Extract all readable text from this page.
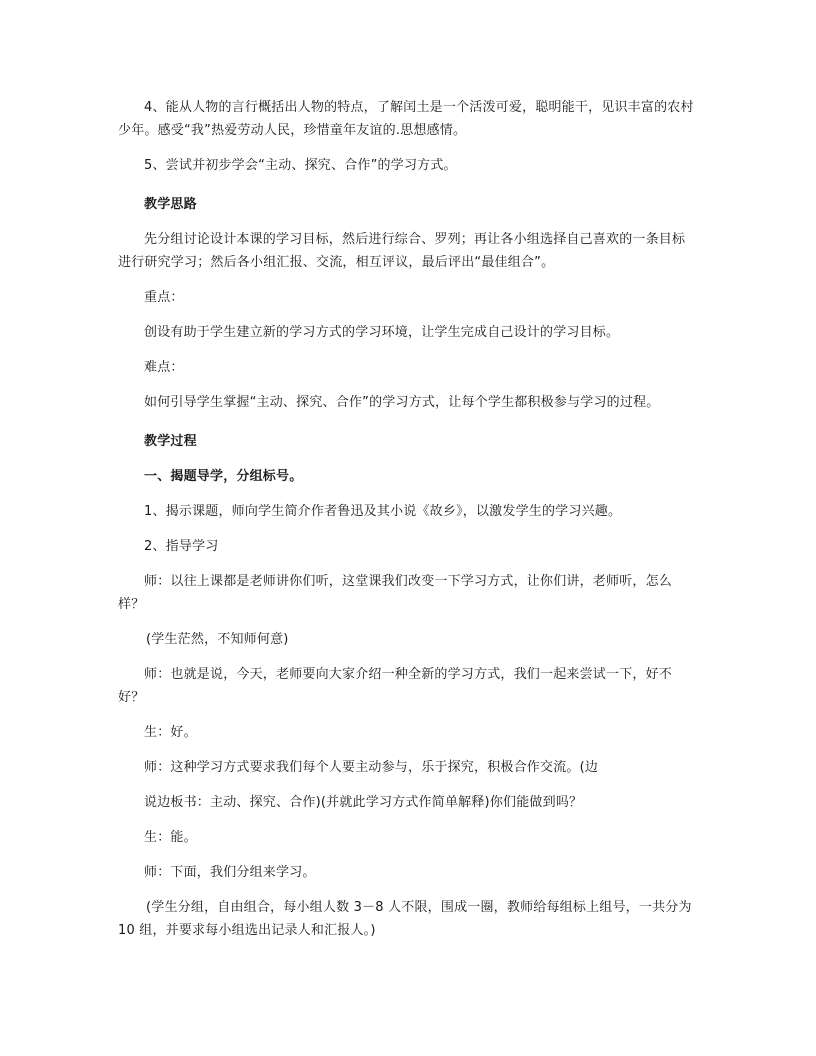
4、能从人物的言行概括出人物的特点，了解闰土是一个活泼可爱，聪明能干，见识丰富的农村少年。感受“我”热爱劳动人民，珍惜童年友谊的.思想感情。

5、尝试并初步学会“主动、探究、合作”的学习方式。

教学思路

先分组讨论设计本课的学习目标，然后进行综合、罗列；再让各小组选择自己喜欢的一条目标进行研究学习；然后各小组汇报、交流，相互评议，最后评出“最佳组合”。

重点：

创设有助于学生建立新的学习方式的学习环境，让学生完成自己设计的学习目标。

难点：

如何引导学生掌握“主动、探究、合作”的学习方式，让每个学生都积极参与学习的过程。

教学过程

一、揭题导学，分组标号。

1、揭示课题，师向学生简介作者鲁迅及其小说《故乡》，以激发学生的学习兴趣。

2、指导学习

师：以往上课都是老师讲你们听，这堂课我们改变一下学习方式，让你们讲，老师听，怎么样？

(学生茫然，不知师何意)

师：也就是说，今天，老师要向大家介绍一种全新的学习方式，我们一起来尝试一下，好不好？

生：好。

师：这种学习方式要求我们每个人要主动参与，乐于探究，积极合作交流。(边

说边板书：主动、探究、合作)(并就此学习方式作简单解释)你们能做到吗？

生：能。

师：下面，我们分组来学习。

(学生分组，自由组合，每小组人数 3－8 人不限，围成一圈，教师给每组标上组号，一共分为 10 组，并要求每小组选出记录人和汇报人。)
